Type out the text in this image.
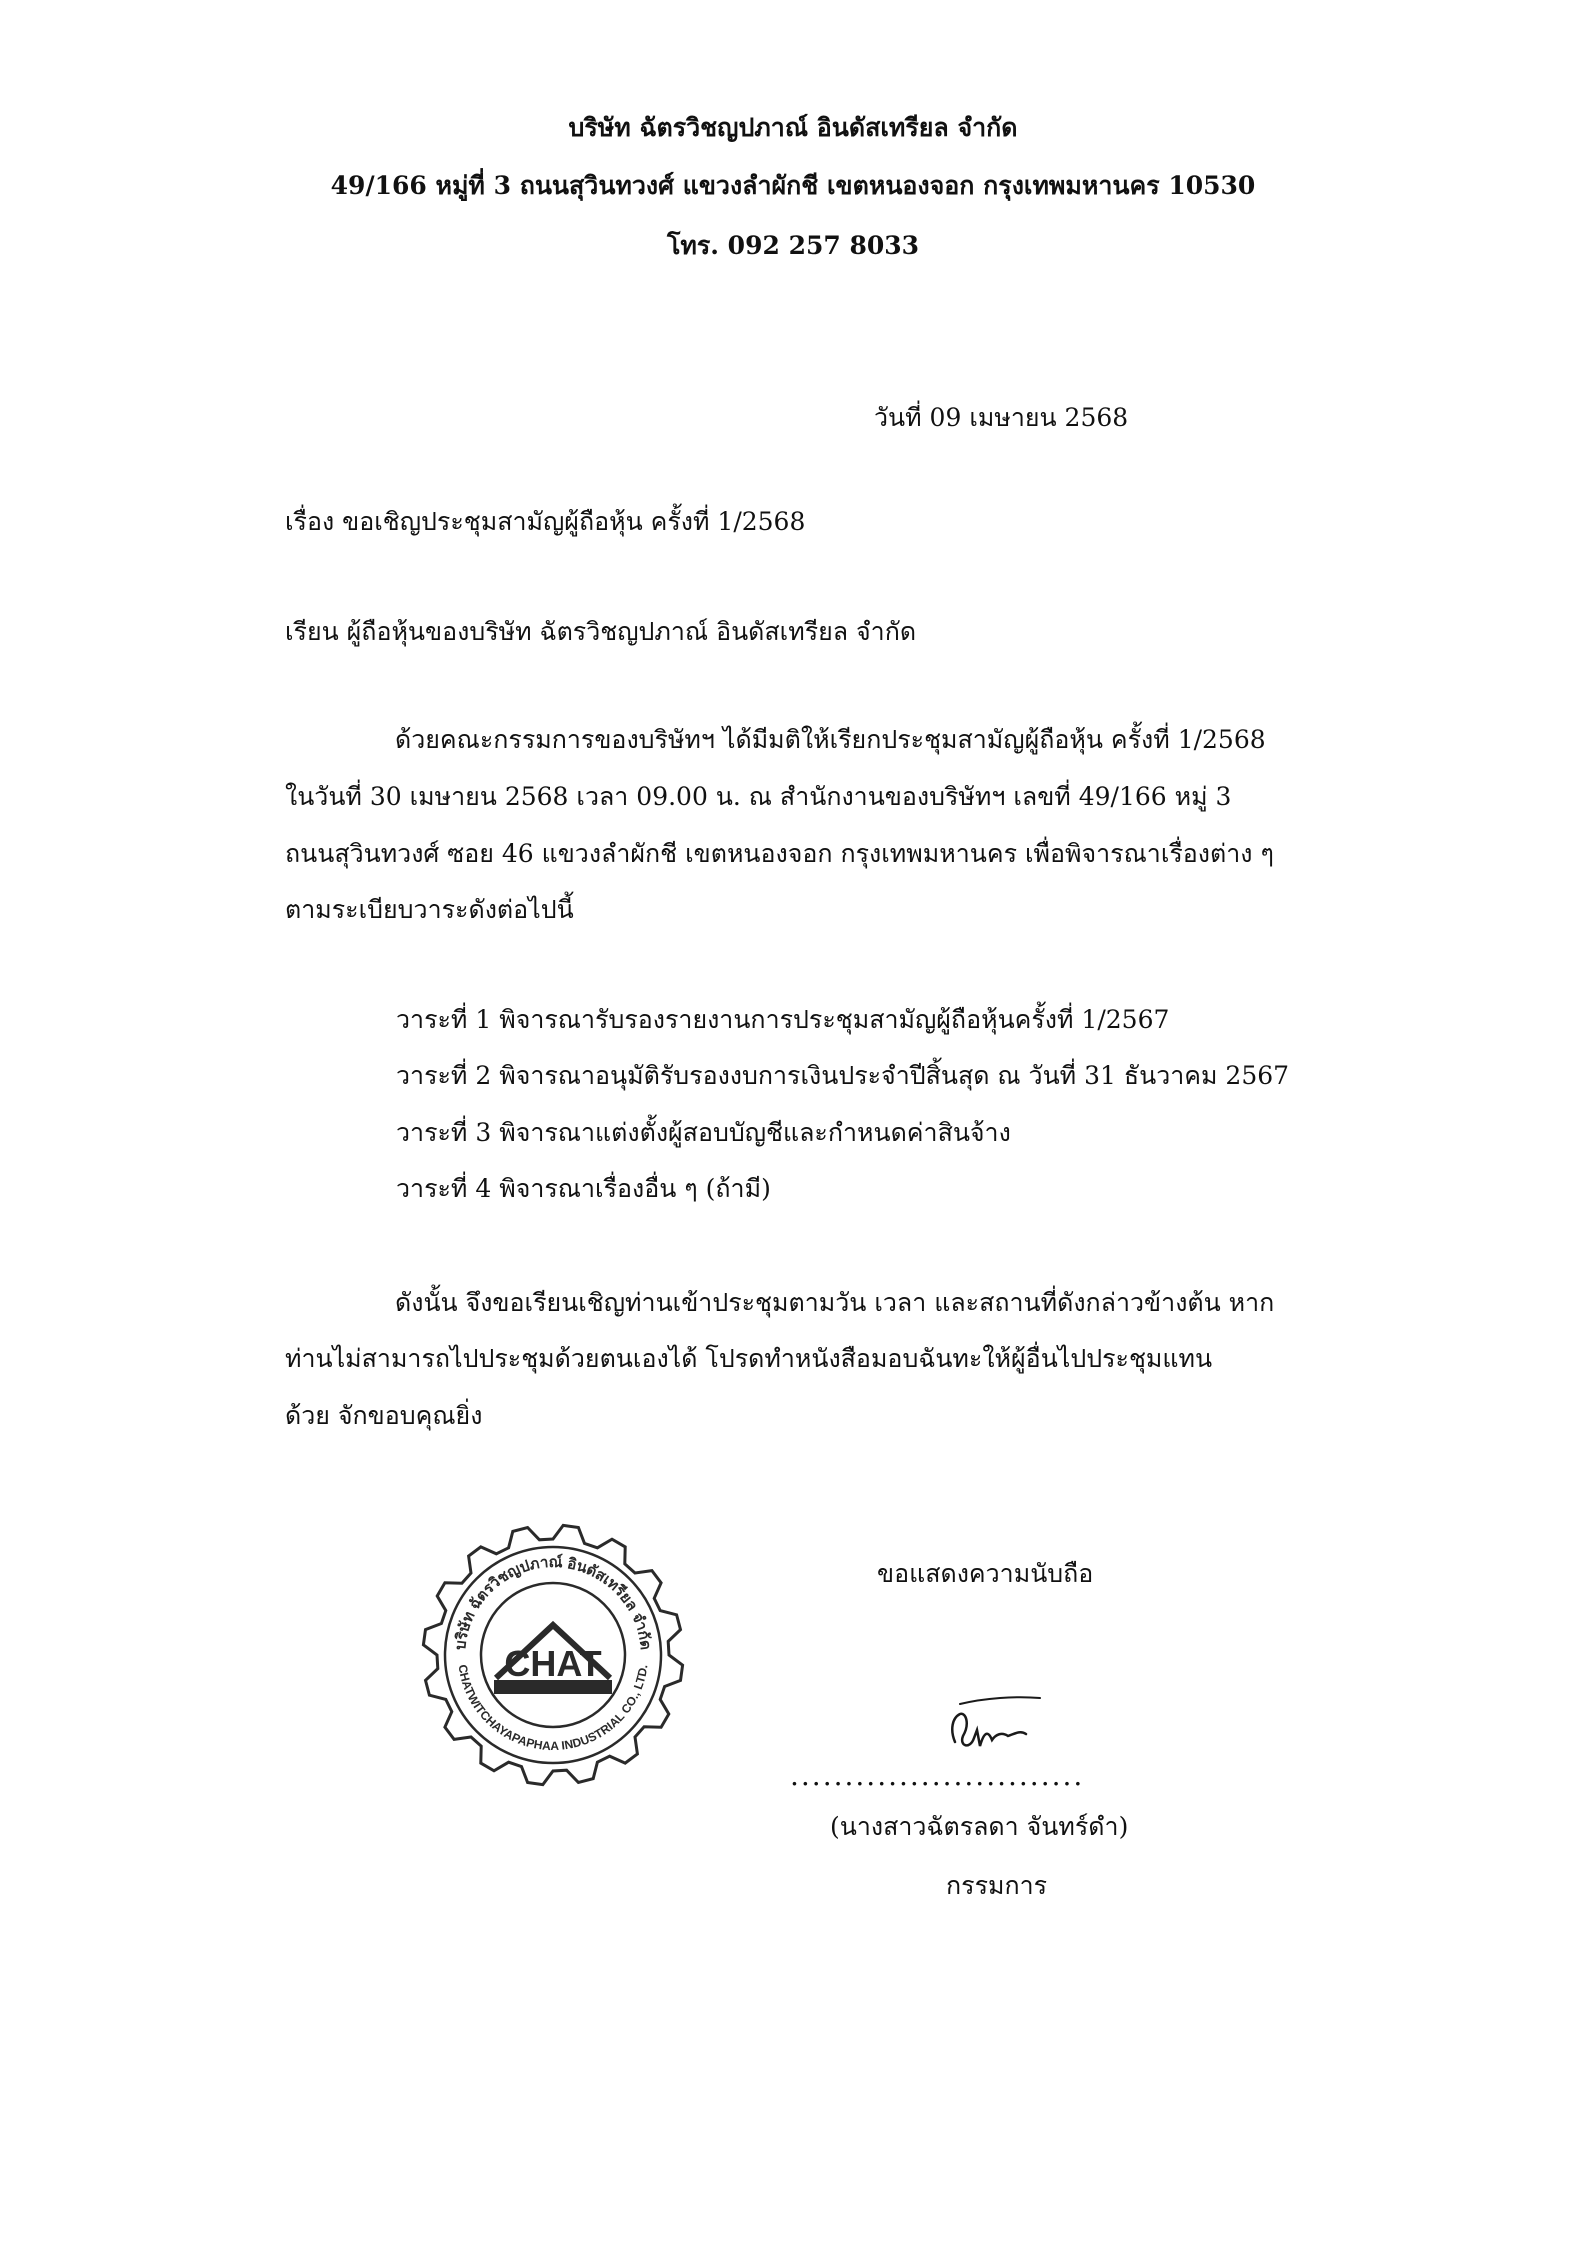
บริษัท ฉัตรวิชญปภาณ์ อินดัสเทรียล จำกัด
49/166 หมู่ที่ 3 ถนนสุวินทวงศ์ แขวงลำผักชี เขตหนองจอก กรุงเทพมหานคร 10530
โทร. 092 257 8033
วันที่ 09 เมษายน 2568
เรื่อง ขอเชิญประชุมสามัญผู้ถือหุ้น ครั้งที่ 1/2568
เรียน ผู้ถือหุ้นของบริษัท ฉัตรวิชญปภาณ์ อินดัสเทรียล จำกัด
ด้วยคณะกรรมการของบริษัทฯ ได้มีมติให้เรียกประชุมสามัญผู้ถือหุ้น ครั้งที่ 1/2568
ในวันที่ 30 เมษายน 2568 เวลา 09.00 น. ณ สำนักงานของบริษัทฯ เลขที่ 49/166 หมู่ 3
ถนนสุวินทวงศ์ ซอย 46 แขวงลำผักชี เขตหนองจอก กรุงเทพมหานคร เพื่อพิจารณาเรื่องต่าง ๆ
ตามระเบียบวาระดังต่อไปนี้
วาระที่ 1 พิจารณารับรองรายงานการประชุมสามัญผู้ถือหุ้นครั้งที่ 1/2567
วาระที่ 2 พิจารณาอนุมัติรับรองงบการเงินประจำปีสิ้นสุด ณ วันที่ 31 ธันวาคม 2567
วาระที่ 3 พิจารณาแต่งตั้งผู้สอบบัญชีและกำหนดค่าสินจ้าง
วาระที่ 4 พิจารณาเรื่องอื่น ๆ (ถ้ามี)
ดังนั้น จึงขอเรียนเชิญท่านเข้าประชุมตามวัน เวลา และสถานที่ดังกล่าวข้างต้น หาก
ท่านไม่สามารถไปประชุมด้วยตนเองได้ โปรดทำหนังสือมอบฉันทะให้ผู้อื่นไปประชุมแทน
ด้วย จักขอบคุณยิ่ง
บริษัท ฉัตรวิชญปภาณ์ อินดัสเทรียล จำกัด
CHATWITCHAYAPAPHAA INDUSTRIAL CO., LTD.
CHAT
ขอแสดงความนับถือ
...........................
(นางสาวฉัตรลดา จันทร์ดำ)
กรรมการ
